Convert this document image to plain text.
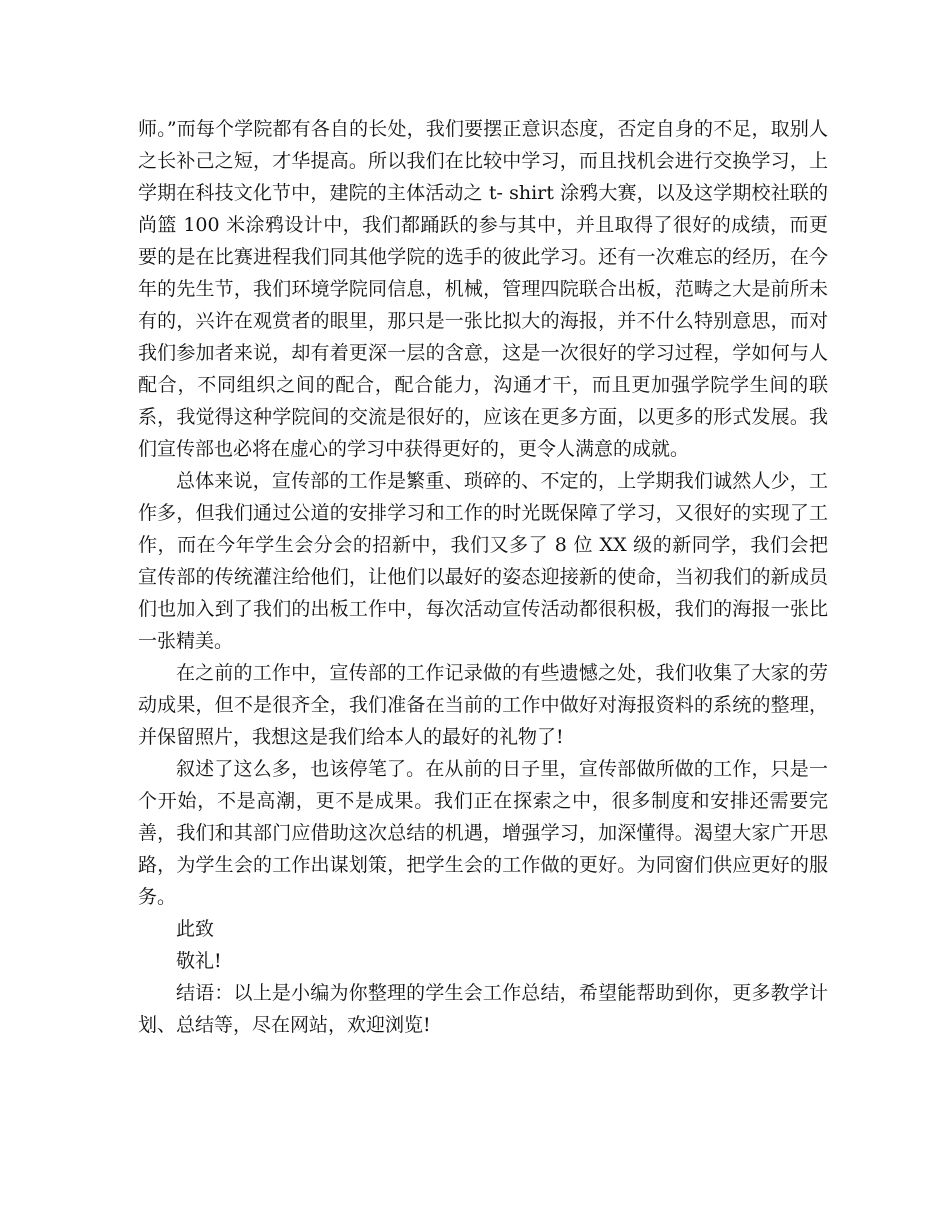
师。”而每个学院都有各自的长处，我们要摆正意识态度，否定自身的不足，取别人之长补己之短，才华提高。所以我们在比较中学习，而且找机会进行交换学习，上学期在科技文化节中，建院的主体活动之 t- shirt 涂鸦大赛，以及这学期校社联的尚篮 100 米涂鸦设计中，我们都踊跃的参与其中，并且取得了很好的成绩，而更要的是在比赛进程我们同其他学院的选手的彼此学习。还有一次难忘的经历，在今年的先生节，我们环境学院同信息，机械，管理四院联合出板，范畴之大是前所未有的，兴许在观赏者的眼里，那只是一张比拟大的海报，并不什么特别意思，而对我们参加者来说，却有着更深一层的含意，这是一次很好的学习过程，学如何与人配合，不同组织之间的配合，配合能力，沟通才干，而且更加强学院学生间的联系，我觉得这种学院间的交流是很好的，应该在更多方面，以更多的形式发展。我们宣传部也必将在虚心的学习中获得更好的，更令人满意的成就。

总体来说，宣传部的工作是繁重、琐碎的、不定的，上学期我们诚然人少，工作多，但我们通过公道的安排学习和工作的时光既保障了学习，又很好的实现了工作，而在今年学生会分会的招新中，我们又多了 8 位 XX 级的新同学，我们会把宣传部的传统灌注给他们，让他们以最好的姿态迎接新的使命，当初我们的新成员们也加入到了我们的出板工作中，每次活动宣传活动都很积极，我们的海报一张比一张精美。

在之前的工作中，宣传部的工作记录做的有些遗憾之处，我们收集了大家的劳动成果，但不是很齐全，我们准备在当前的工作中做好对海报资料的系统的整理，并保留照片，我想这是我们给本人的最好的礼物了!

叙述了这么多，也该停笔了。在从前的日子里，宣传部做所做的工作，只是一个开始，不是高潮，更不是成果。我们正在探索之中，很多制度和安排还需要完善，我们和其部门应借助这次总结的机遇，增强学习，加深懂得。渴望大家广开思路，为学生会的工作出谋划策，把学生会的工作做的更好。为同窗们供应更好的服务。

此致

敬礼!

结语：以上是小编为你整理的学生会工作总结，希望能帮助到你，更多教学计划、总结等，尽在网站，欢迎浏览!
